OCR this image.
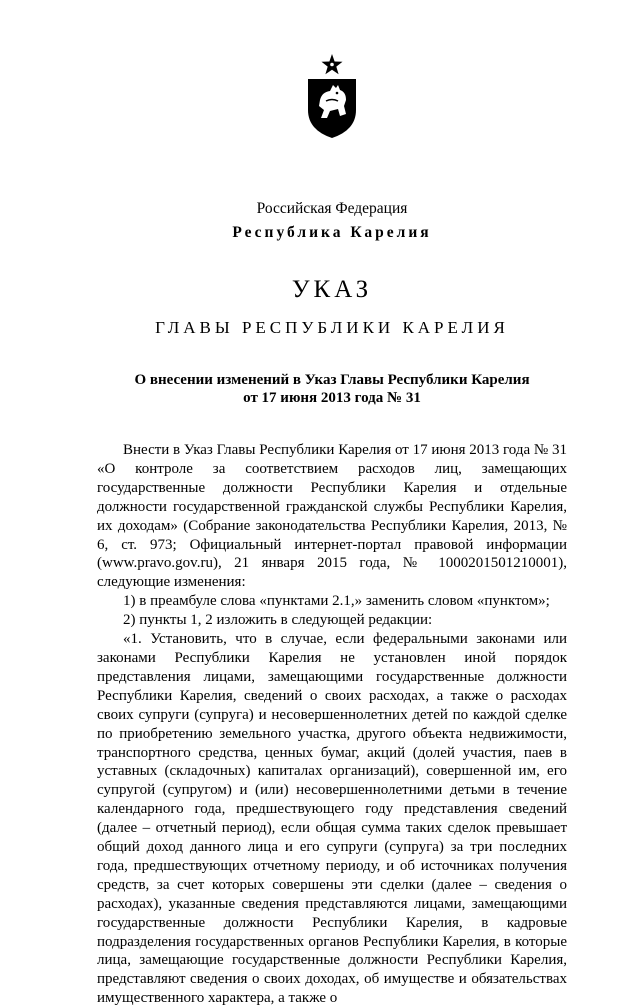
Российская Федерация
Республика Карелия
УКАЗ
ГЛАВЫ РЕСПУБЛИКИ КАРЕЛИЯ
О внесении изменений в Указ Главы Республики Карелия
от 17 июня 2013 года № 31

Внести в Указ Главы Республики Карелия от 17 июня 2013 года № 31 «О контроле за соответствием расходов лиц, замещающих государственные должности Республики Карелия и отдельные должности государственной гражданской службы Республики Карелия, их доходам» (Собрание законодательства Республики Карелия, 2013, № 6, ст. 973; Официальный интернет-портал правовой информации (www.pravo.gov.ru), 21 января 2015 года, № 1000201501210001), следующие изменения:

1) в преамбуле слова «пунктами 2.1,» заменить словом «пунктом»;

2) пункты 1, 2 изложить в следующей редакции:

«1. Установить, что в случае, если федеральными законами или законами Республики Карелия не установлен иной порядок представления лицами, замещающими государственные должности Республики Карелия, сведений о своих расходах, а также о расходах своих супруги (супруга) и несовершеннолетних детей по каждой сделке по приобретению земельного участка, другого объекта недвижимости, транспортного средства, ценных бумаг, акций (долей участия, паев в уставных (складочных) капиталах организаций), совершенной им, его супругой (супругом) и (или) несовершеннолетними детьми в течение календарного года, предшествующего году представления сведений (далее – отчетный период), если общая сумма таких сделок превышает общий доход данного лица и его супруги (супруга) за три последних года, предшествующих отчетному периоду, и об источниках получения средств, за счет которых совершены эти сделки (далее – сведения о расходах), указанные сведения представляются лицами, замещающими государственные должности Республики Карелия, в кадровые подразделения государственных органов Республики Карелия, в которые лица, замещающие государственные должности Республики Карелия, представляют сведения о своих доходах, об имуществе и обязательствах имущественного характера, а также о
